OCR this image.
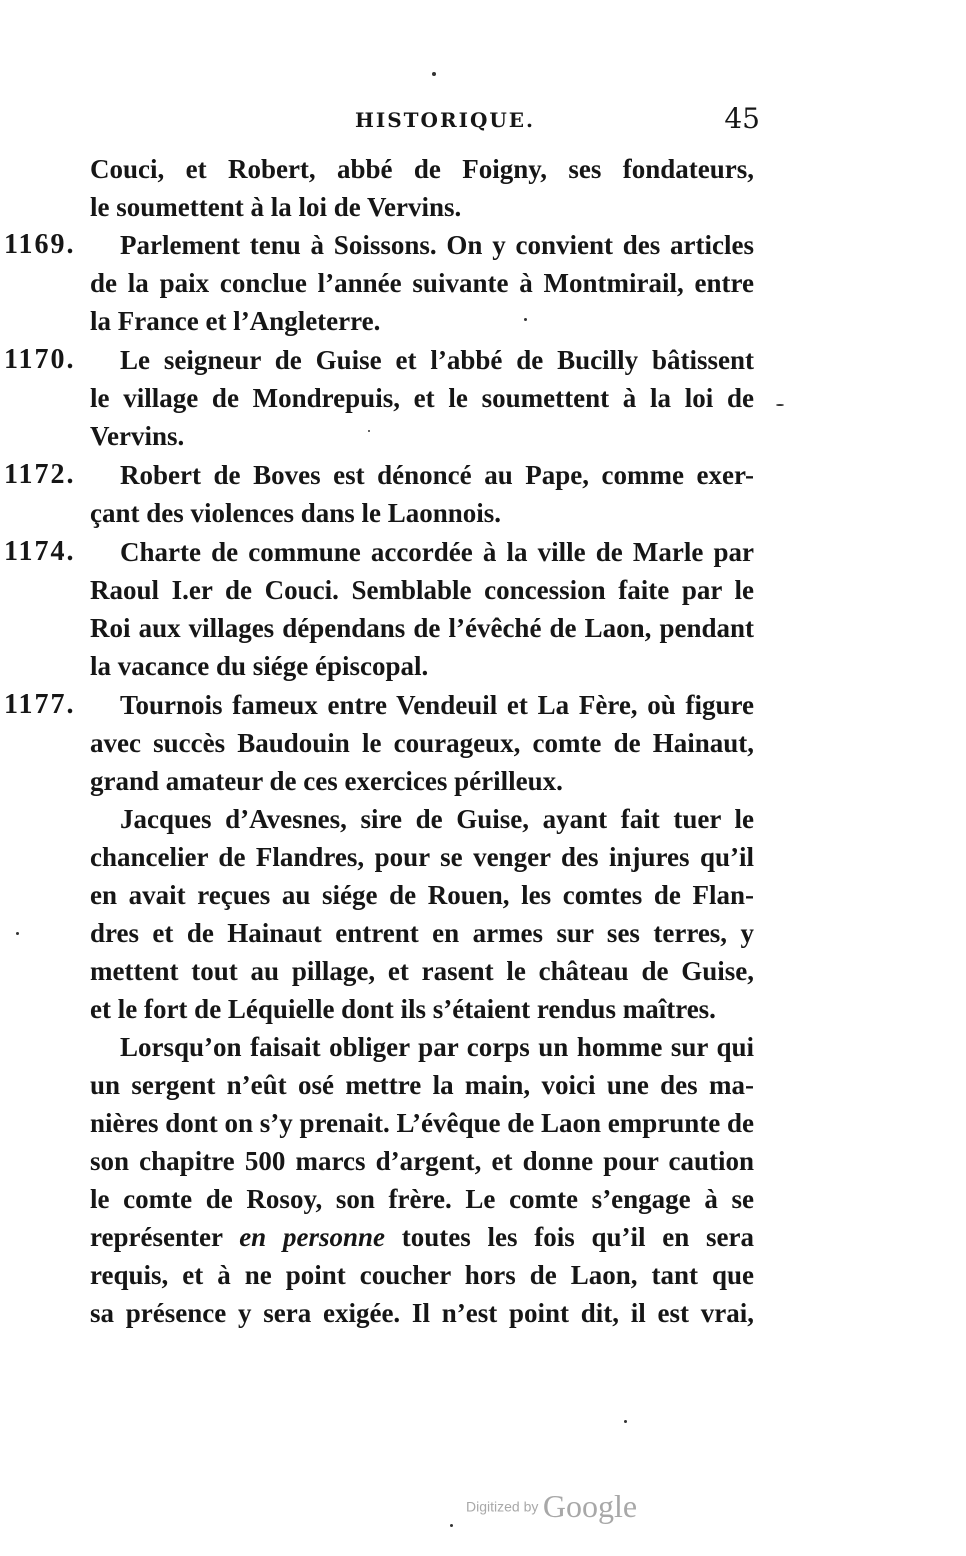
HISTORIQUE.	45
1169.
1170.
1172.
1174.
1177.
Couci, et Robert, abbé de Foigny, ses fondateurs,
le soumettent à la loi de Vervins.
Parlement tenu à Soissons. On y convient des articles
de la paix conclue l’année suivante à Montmirail, entre
la France et l’Angleterre.
Le seigneur de Guise et l’abbé de Bucilly bâtissent
le village de Mondrepuis, et le soumettent à la loi de
Vervins.
Robert de Boves est dénoncé au Pape, comme exer-
çant des violences dans le Laonnois.
Charte de commune accordée à la ville de Marle par
Raoul I.er de Couci. Semblable concession faite par le
Roi aux villages dépendans de l’évêché de Laon, pendant
la vacance du siége épiscopal.
Tournois fameux entre Vendeuil et La Fère, où figure
avec succès Baudouin le courageux, comte de Hainaut,
grand amateur de ces exercices périlleux.
Jacques d’Avesnes, sire de Guise, ayant fait tuer le
chancelier de Flandres, pour se venger des injures qu’il
en avait reçues au siége de Rouen, les comtes de Flan-
dres et de Hainaut entrent en armes sur ses terres, y
mettent tout au pillage, et rasent le château de Guise,
et le fort de Léquielle dont ils s’étaient rendus maîtres.
Lorsqu’on faisait obliger par corps un homme sur qui
un sergent n’eût osé mettre la main, voici une des ma-
nières dont on s’y prenait. L’évêque de Laon emprunte de
son chapitre 500 marcs d’argent, et donne pour caution
le comte de Rosoy, son frère. Le comte s’engage à se
représenter en personne toutes les fois qu’il en sera
requis, et à ne point coucher hors de Laon, tant que
sa présence y sera exigée. Il n’est point dit, il est vrai,
Digitized by Google
